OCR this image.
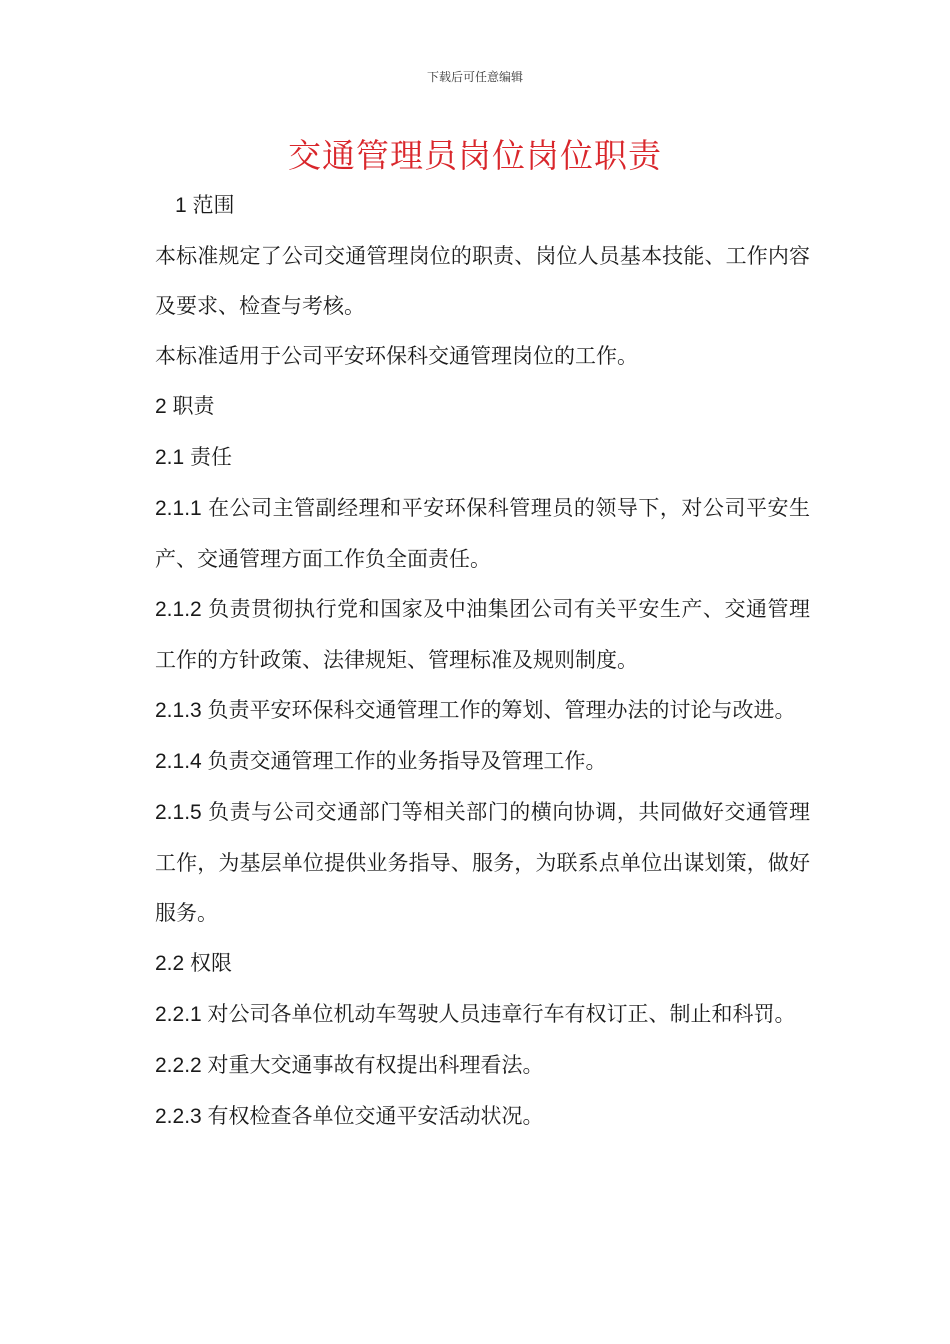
下载后可任意编辑
交通管理员岗位岗位职责

1 范围

本标准规定了公司交通管理岗位的职责、岗位人员基本技能、工作内容及要求、检查与考核。

本标准适用于公司平安环保科交通管理岗位的工作。

2 职责

2.1 责任

2.1.1 在公司主管副经理和平安环保科管理员的领导下，对公司平安生产、交通管理方面工作负全面责任。

2.1.2 负责贯彻执行党和国家及中油集团公司有关平安生产、交通管理工作的方针政策、法律规矩、管理标准及规则制度。

2.1.3 负责平安环保科交通管理工作的筹划、管理办法的讨论与改进。

2.1.4 负责交通管理工作的业务指导及管理工作。

2.1.5 负责与公司交通部门等相关部门的横向协调，共同做好交通管理工作，为基层单位提供业务指导、服务，为联系点单位出谋划策，做好服务。

2.2 权限

2.2.1 对公司各单位机动车驾驶人员违章行车有权订正、制止和科罚。

2.2.2 对重大交通事故有权提出科理看法。

2.2.3 有权检查各单位交通平安活动状况。
